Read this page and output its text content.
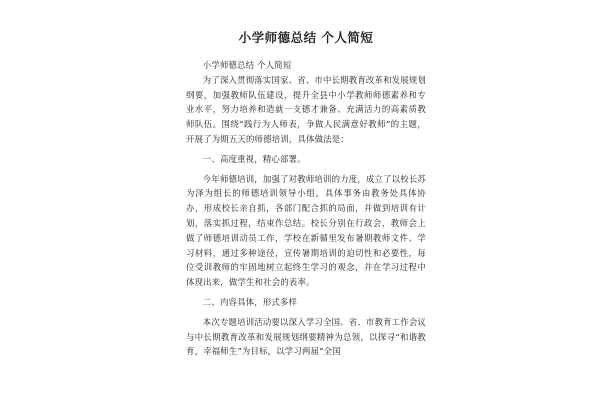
小学师德总结 个人简短

小学师德总结 个人简短

为了深入贯彻落实国家、省、市中长期教育改革和发展规划纲要，加强教师队伍建设，提升全县中小学教师师德素养和专业水平，努力培养和造就一支德才兼备、充满活力的高素质教师队伍。围绕“践行为人师表，争做人民满意好教师”的主题，开展了为期五天的师德培训，具体做法是：

一、高度重视，精心部署。

今年师德培训，加强了对教师培训的力度，成立了以校长苏为泽为组长的师德培训领导小组，具体事务由教务处具体协办，形成校长亲自抓，各部门配合抓的局面，并做到培训有计划，落实抓过程，结束作总结。校长分别在行政会，教师会上做了师德培训动员工作，学校在新循里发布暑期教师文件、学习材料，通过多种途径，宣传暑期培训的迫切性和必要性，每位受训教师的牢固地树立起终生学习的观念，并在学习过程中体现出来，做学生和社会的表率。

二、内容具体，形式多样

本次专题培训活动要以深入学习全国、省、市教育工作会议与中长期教育改革和发展规划纲要精神为总领，以探寻“和谐教育，幸福师生”为目标，以学习两届“全国
